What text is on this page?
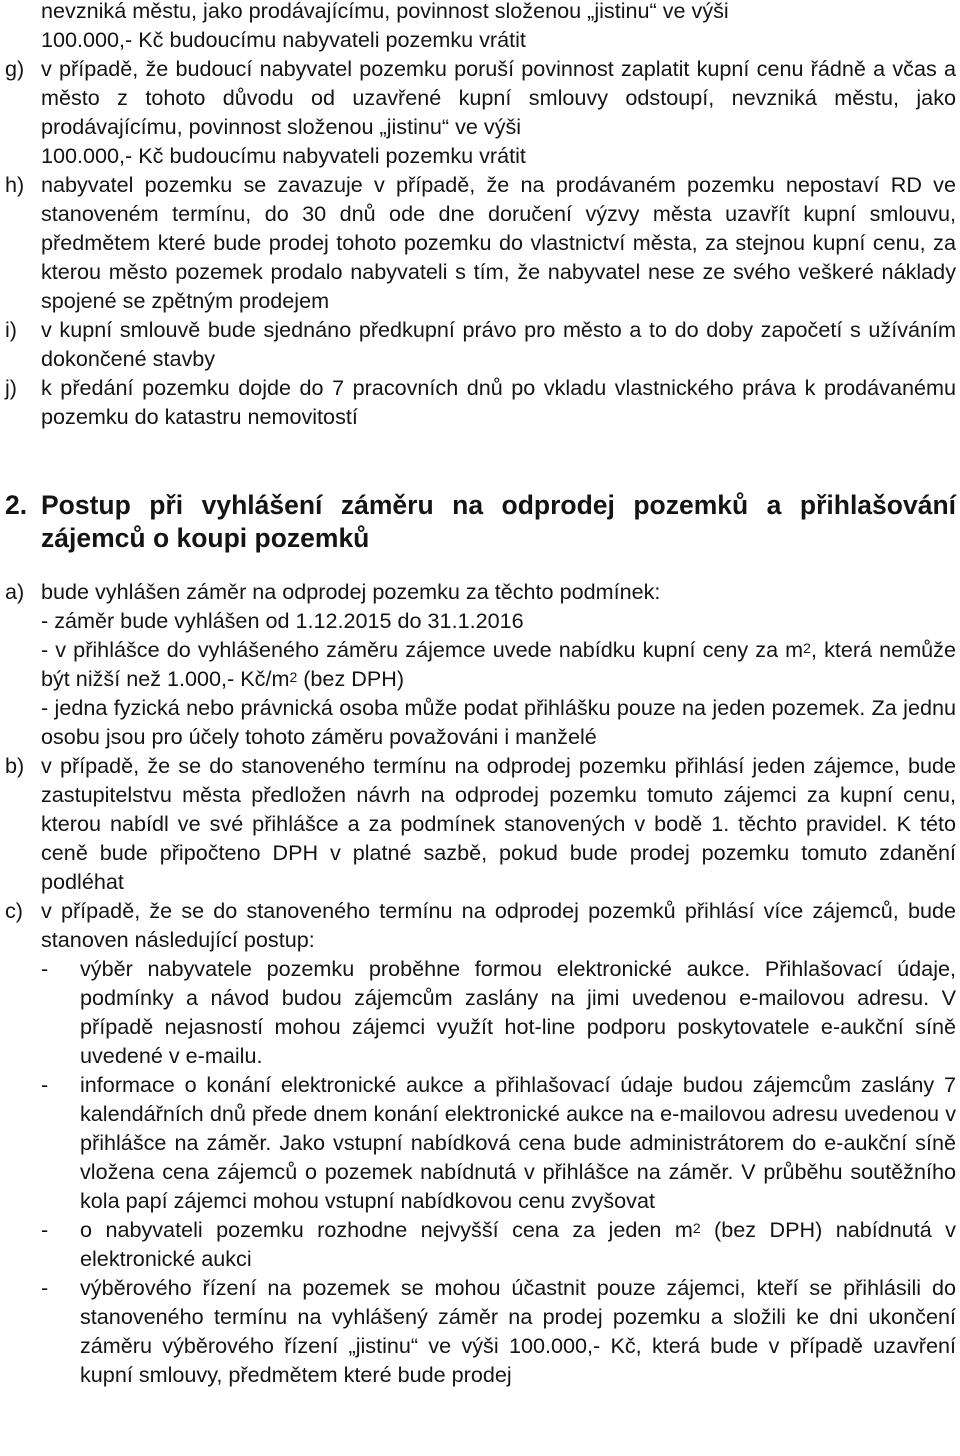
nevzniká městu, jako prodávajícímu, povinnost složenou „jistinu“ ve výši
100.000,- Kč budoucímu nabyvateli pozemku vrátit
g) v případě, že budoucí nabyvatel pozemku poruší povinnost zaplatit kupní cenu řádně a včas a město z tohoto důvodu od uzavřené kupní smlouvy odstoupí, nevzniká městu, jako prodávajícímu, povinnost složenou „jistinu“ ve výši
100.000,- Kč budoucímu nabyvateli pozemku vrátit
h) nabyvatel pozemku se zavazuje v případě, že na prodávaném pozemku nepostaví RD ve stanoveném termínu, do 30 dnů ode dne doručení výzvy města uzavřít kupní smlouvu, předmětem které bude prodej tohoto pozemku do vlastnictví města, za stejnou kupní cenu, za kterou město pozemek prodalo nabyvateli s tím, že nabyvatel nese ze svého veškeré náklady spojené se zpětným prodejem
i) v kupní smlouvě bude sjednáno předkupní právo pro město a to do doby započetí s užíváním dokončené stavby
j) k předání pozemku dojde do 7 pracovních dnů po vkladu vlastnického práva k prodávanému pozemku do katastru nemovitostí
2. Postup při vyhlášení záměru na odprodej pozemků a přihlašování zájemců o koupi pozemků
a) bude vyhlášen záměr na odprodej pozemku za těchto podmínek:
- záměr bude vyhlášen od 1.12.2015 do 31.1.2016
- v přihlášce do vyhlášeného záměru zájemce uvede nabídku kupní ceny za $m^2$, která nemůže být nižší než 1.000,- $Kč/m^2$ (bez DPH)
- jedna fyzická nebo právnická osoba může podat přihlášku pouze na jeden pozemek. Za jednu osobu jsou pro účely tohoto záměru považováni i manželé
b) v případě, že se do stanoveného termínu na odprodej pozemku přihlásí jeden zájemce, bude zastupitelstvu města předložen návrh na odprodej pozemku tomuto zájemci za kupní cenu, kterou nabídl ve své přihlášce a za podmínek stanovených v bodě 1. těchto pravidel. K této ceně bude připočteno DPH v platné sazbě, pokud bude prodej pozemku tomuto zdanění podléhat
c) v případě, že se do stanoveného termínu na odprodej pozemků přihlásí více zájemců, bude stanoven následující postup:
- výběr nabyvatele pozemku proběhne formou elektronické aukce. Přihlašovací údaje, podmínky a návod budou zájemcům zaslány na jimi uvedenou e-mailovou adresu. V případě nejasností mohou zájemci využít hot-line podporu poskytovatele e-aukční síně uvedené v e-mailu.
- informace o konání elektronické aukce a přihlašovací údaje budou zájemcům zaslány 7 kalendářních dnů přede dnem konání elektronické aukce na e-mailovou adresu uvedenou v přihlášce na záměr. Jako vstupní nabídková cena bude administrátorem do e-aukční síně vložena cena zájemců o pozemek nabídnutá v přihlášce na záměr. V průběhu soutěžního kola papí zájemci mohou vstupní nabídkovou cenu zvyšovat
- o nabyvateli pozemku rozhodne nejvyšší cena za jeden $m^2$ (bez DPH) nabídnutá v elektronické aukci
- výběrového řízení na pozemek se mohou účastnit pouze zájemci, kteří se přihlásili do stanoveného termínu na vyhlášený záměr na prodej pozemku a složili ke dni ukončení záměru výběrového řízení „jistinu“ ve výši 100.000,- Kč, která bude v případě uzavření kupní smlouvy, předmětem které bude prodej
